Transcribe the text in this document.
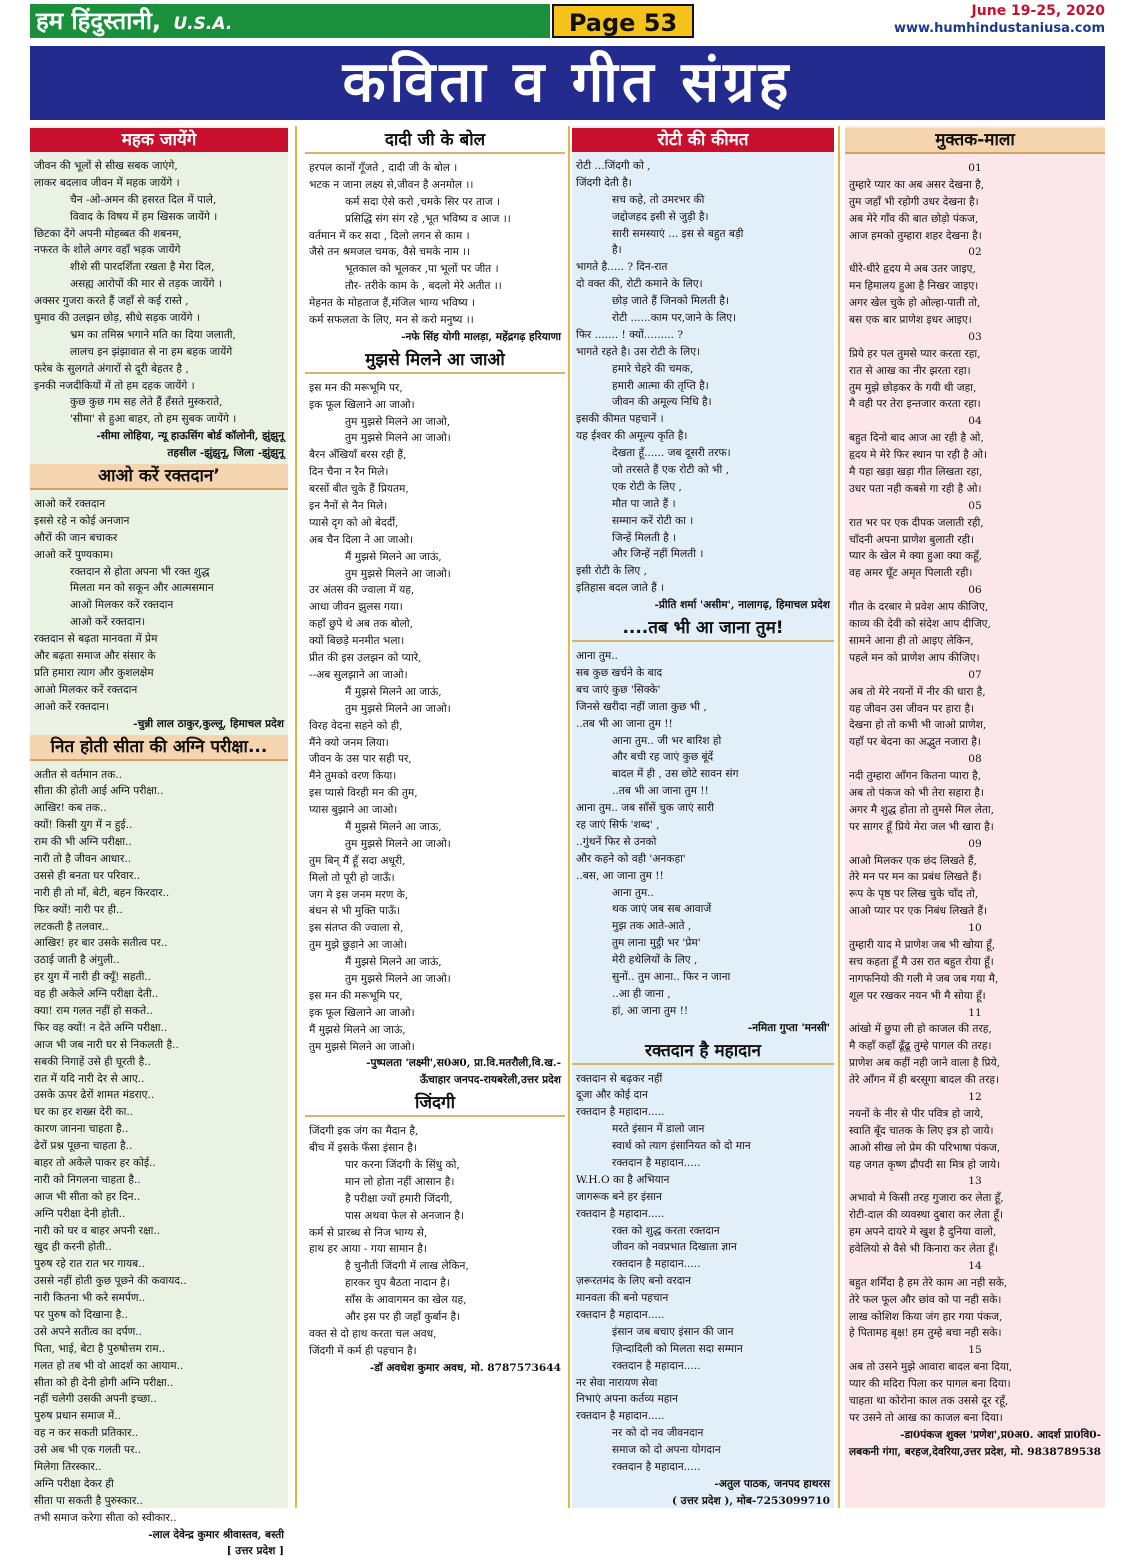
हम हिंदुस्तानी, U.S.A.	Page 53	June 19-25, 2020
www.humhindustaniusa.com
कविता व गीत संग्रह
महक जायेंगे
जीवन की भूलों से सीख सबक जाएंगे,
लाकर बदलाव जीवन में महक जायेंगे ।
चैन -ओ-अमन की हसरत दिल में पाले,
विवाद के विषय में हम खिसक जायेंगे ।
छिटका देंगे अपनी मोहब्बत की शबनम,
नफरत के शोले अगर वहाँ भड़क जायेंगे
शीशे सी पारदर्शिता रखता है मेरा दिल,
असह्य आरोपों की मार से तड़क जायेंगे ।
अक्सर गुजरा करते हैं जहाँ से कई रास्ते ,
घुमाव की उलझन छोड़, सीधे सड़क जायेंगे ।
भ्रम का तमिस्र भगाने मति का दिया जलाती,
लालच इन झंझावात से ना हम बहक जायेंगे
फरेब के सुलगते अंगारों से दूरी बेहतर है ,
इनकी नजदीकियों में तो हम दहक जायेंगे ।
कुछ कुछ गम सह लेते हैं हँसते मुस्कराते,
'सीमा' से हुआ बाहर, तो हम सुबक जायेंगे ।
-सीमा लोहिया, न्यू हाऊसिंग बोर्ड कॉलोनी, झुंझुनू
तहसील -झुंझुनू, जिला -झुंझुनू
आओ करें रक्तदान’
आओ करें रक्तदान
इससे रहे न कोई अनजान
औरों की जान बचाकर
आओ करें पुण्यकाम।
रक्तदान से होता अपना भी रक्त शुद्ध
मिलता मन को सकून और आत्मसमान
आओ मिलकर करें रक्तदान
आओ करें रक्तदान।
रक्तदान से बढ़ता मानवता में प्रेम
और बढ़ता समाज और संसार के
प्रति हमारा त्याग और कुशलक्षेम
आओ मिलकर करें रक्तदान
आओ करें रक्तदान।
-चुन्नी लाल ठाकुर,कुल्लू, हिमाचल प्रदेश
नित होती सीता की अग्नि परीक्षा...
अतीत से वर्तमान तक..
सीता की होती आई अग्नि परीक्षा..
आखिर! कब तक..
क्यों! किसी युग में न हुई..
राम की भी अग्नि परीक्षा..
नारी तो है जीवन आधार..
उससे ही बनता घर परिवार..
नारी ही तो माँ, बेटी, बहन किरदार..
फिर क्यों! नारी पर ही..
लटकती है तलवार..
आखिर! हर बार उसके सतीत्व पर..
उठाई जाती है अंगुली..
हर युग में नारी ही क्यूँ! सहती..
वह ही अकेले अग्नि परीक्षा देती..
क्या! राम गलत नहीं हो सकते..
फिर वह क्यों! न देते अग्नि परीक्षा..
आज भी जब नारी घर से निकलती है..
सबकी निगाहें उसे ही घूरती है..
रात में यदि नारी देर से आए..
उसके ऊपर ढेरों शामत मंडराए..
घर का हर शख्स देरी का..
कारण जानना चाहता है..
ढेरों प्रश्न पूछना चाहता है..
बाहर तो अकेले पाकर हर कोई..
नारी को निगलना चाहता है..
आज भी सीता को हर दिन..
अग्नि परीक्षा देनी होती..
नारी को घर व बाहर अपनी रक्षा..
खुद ही करनी होती..
पुरुष रहे रात रात भर गायब..
उससे नहीं होती कुछ पूछने की कवायद..
नारी कितना भी करे समर्पण..
पर पुरुष को दिखाना है..
उसे अपने सतीत्व का दर्पण..
पिता, भाई, बेटा है पुरुषोत्तम राम..
गलत हो तब भी वो आदर्श का आयाम..
सीता को ही देनी होगी अग्नि परीक्षा..
नहीं चलेगी उसकी अपनी इच्छा..
पुरुष प्रधान समाज में..
वह न कर सकती प्रतिकार..
उसे अब भी एक गलती पर..
मिलेगा तिरस्कार..
अग्नि परीक्षा देकर ही
सीता पा सकती है पुरुस्कार..
तभी समाज करेगा सीता को स्वीकार..
-लाल देवेन्द्र कुमार श्रीवास्तव, बस्ती
[ उत्तर प्रदेश ]
दादी जी के बोल
हरपल कानों गूँजते , दादी जी के बोल ।
भटक न जाना लक्ष्य से,जीवन है अनमोल ।।
कर्म सदा ऐसे करो ,चमके सिर पर ताज ।
प्रसिद्धि संग संग रहे ,भूत भविष्य व आज ।।
वर्तमान में कर सदा , दिलो लगन से काम ।
जैसे तन श्रमजल चमक, वैसे चमके नाम ।।
भूतकाल को भूलकर ,पा भूलों पर जीत ।
तौर- तरीके काम के , बदलो मेरे अतीत ।।
मेहनत के मोहताज हैं,मंजिल भाग्य भविष्य ।
कर्म सफलता के लिए, मन से करो मनुष्य ।।
-नफे सिंह योगी मालड़ा, महेंद्रगढ़ हरियाणा
मुझसे मिलने आ जाओ
इस मन की मरूभूमि पर,
इक फूल खिलाने आ जाओ।
तुम मुझसे मिलने आ जाओ,
तुम मुझसे मिलने आ जाओ।
बैरन अँखियाँ बरस रही हैं,
दिन चैना न रैन मिले।
बरसों बीत चुके हैं प्रियतम,
इन नैनों से नैन मिले।
प्यासे दृग को ओ बेदर्दी,
अब चैन दिला ने आ जाओ।
मैं मुझसे मिलने आ जाऊं,
तुम मुझसे मिलने आ जाओ।
उर अंतस की ज्वाला में यह,
आधा जीवन झुलस गया।
कहाँ छुपे थे अब तक बोलो,
क्यों बिछड़े मनमीत भला।
प्रीत की इस उलझन को प्यारे,
--अब सुलझाने आ जाओ।
मैं मुझसे मिलने आ जाऊं,
तुम मुझसे मिलने आ जाओ।
विरह वेदना सहने को ही,
मैंने क्यो जनम लिया।
जीवन के उस पार सही पर,
मैंने तुमको वरण किया।
इस प्यासे विरही मन की तुम,
प्यास बुझाने आ जाओ।
मैं मुझसे मिलने आ जाऊ,
तुम मुझसे मिलने आ जाओ।
तुम बिन् मैं हूँ सदा अधूरी,
मिलो तो पूरी हो जाऊँ।
जग मे इस जनम मरण के,
बंधन से भी मुक्ति पाऊँ।
इस संतप्त की ज्वाला से,
तुम मुझे छुड़ाने आ जाओ।
मैं मुझसे मिलने आ जाऊं,
तुम मुझसे मिलने आ जाओ।
इस मन की मरूभूमि पर,
इक फूल खिलाने आ जाओ।
मैं मुझसे मिलने आ जाऊं,
तुम मुझसे मिलने आ जाओ।
-पुष्पलता 'लक्ष्मी',स0अ0, प्रा.वि.मतरौली,वि.ख.-
ऊँचाहार जनपद-रायबरेली,उत्तर प्रदेश
जिंदगी
जिंदगी इक जंग का मैदान है,
बीच में इसके फँसा इंसान है।
पार करना जिंदगी के सिंधु को,
मान लो होता नहीं आसान है।
है परीक्षा ज्यों हमारी जिंदगी,
पास अथवा फेल से अनजान है।
कर्म से प्रारब्ध से निज भाग्य से,
हाथ हर आया - गया सामान है।
है चुनौती जिंदगी में लाख लेकिन,
हारकर चुप बैठता नादान है।
साँस के आवागमन का खेल यह,
और इस पर ही जहाँ कुर्बान है।
वक्त से दो हाथ करता चल अवध,
जिंदगी में कर्म ही पहचान है।
-डॉ अवधेश कुमार अवध, मो. 8787573644
रोटी की कीमत
रोटी ...जिंदगी को ,
जिंदगी देती है।
सच कहे, तो उमरभर की
जद्दोजहद इसी से जुड़ी है।
सारी समस्याएं ... इस से बहुत बड़ी
है।
भागते है..... ? दिन-रात
दो वक्त की, रोटी कमाने के लिए।
छोड़ जाते हैं जिनको मिलती है।
रोटी ......काम पर,जाने के लिए।
फिर ....... ! क्यों......... ?
भागते रहते है। उस रोटी के लिए।
हमारे चेहरे की चमक,
हमारी आत्मा की तृप्ति है।
जीवन की अमूल्य निधि है।
इसकी कीमत पहचानें ।
यह ईश्वर की अमूल्य कृति है।
देखता हूँ...... जब दूसरी तरफ।
जो तरसते हैं एक रोटी को भी ,
एक रोटी के लिए ,
मौत पा जाते हैं ।
सम्मान करें रोटी का ।
जिन्हें मिलती है ।
और जिन्हें नहीं मिलती ।
इसी रोटी के लिए ,
इतिहास बदल जाते हैं ।
-प्रीति शर्मा 'असीम', नालागढ़, हिमाचल प्रदेश
....तब भी आ जाना तुम!
आना तुम..
सब कुछ खर्चने के बाद
बच जाएं कुछ 'सिक्के'
जिनसे खरीदा नहीं जाता कुछ भी ,
..तब भी आ जाना तुम !!
आना तुम.. जी भर बारिश हो
और बची रह जाएं कुछ बूंदें
बादल में ही , उस छोटे सावन संग
..तब भी आ जाना तुम !!
आना तुम.. जब साँसें चुक जाएं सारी
रह जाएं सिर्फ 'शब्द' ,
..गुंथनें फिर से उनको
और कहने को वही 'अनकहा'
..बस, आ जाना तुम !!
आना तुम..
थक जाएं जब सब आवाजें
मुझ तक आते-आते ,
तुम लाना मुट्ठी भर 'प्रेम'
मेरी हथेलियों के लिए ,
सुनों.. तुम आना.. फिर न जाना
..आ ही जाना ,
हां, आ जाना तुम !!
-नमिता गुप्ता 'मनसी'
रक्तदान है महादान
रक्तदान से बढ़कर नहीं
दूजा और कोई दान
रक्तदान है महादान.....
मरते इंसान में डालो जान
स्वार्थ को त्याग इंसानियत को दो मान
रक्तदान है महादान.....
W.H.O का है अभियान
जागरूक बने हर इंसान
रक्तदान है महादान.....
रक्त को शुद्ध करता रक्तदान
जीवन को नवप्रभात दिखाता ज्ञान
रक्तदान है महादान.....
ज़रूरतमंद के लिए बनो वरदान
मानवता की बनो पहचान
रक्तदान है महादान.....
इंसान जब बचाए इंसान की जान
ज़िन्दादिली को मिलता सदा सम्मान
रक्तदान है महादान.....
नर सेवा नारायण सेवा
निभाएं अपना कर्तव्य महान
रक्तदान है महादान.....
नर को दो नव जीवनदान
समाज को दो अपना योगदान
रक्तदान है महादान.....
-अतुल पाठक, जनपद हाथरस
( उत्तर प्रदेश ), मोब-7253099710
मुक्तक-माला
01
तुम्हारे प्यार का अब असर देखना है,
तुम जहाँ भी रहोगी उधर देखना है।
अब मेरे गाँव की बात छोड़ो पंकज,
आज हमको तुम्हारा शहर देखना है।
02
धीरे-धीरे हृदय मे अब उतर जाइए,
मन हिमालय हुआ है निखर जाइए।
अगर खेल चुके हो ओल्हा-पाती तो,
बस एक बार प्राणेश इधर आइए।
03
प्रिये हर पल तुमसे प्यार करता रहा,
रात से आख का नीर झरता रहा।
तुम मुझे छोड़कर के गयी थी जहा,
मै वही पर तेरा इन्तजार करता रहा।
04
बहुत दिनो बाद आज आ रही है ओ,
हृदय मे मेरे फिर स्थान पा रही है ओ।
मै यहा खड़ा खड़ा गीत लिखता रहा,
उधर पता नही कबसे गा रही है ओ।
05
रात भर पर एक दीपक जलाती रही,
चाँदनी अपना प्राणेश बुलाती रही।
प्यार के खेल मे क्या हुआ क्या कहूँ,
वह अमर घूँट अमृत पिलाती रही।
06
गीत के दरबार मे प्रवेश आप कीजिए,
काव्य की देवी को संदेश आप दीजिए,
सामने आना ही तो आइए लेकिन,
पहले मन को प्राणेश आप कीजिए।
07
अब तो मेरे नयनों में नीर की धारा है,
यह जीवन उस जीवन पर हारा है।
देखना हो तो कभी भी जाओ प्राणेश,
यहाँ पर बेदना का अद्भुत नजारा है।
08
नदी तुम्हारा आँगन कितना प्यारा है,
अब तो पंकज को भी तेरा सहारा है।
अगर मै शुद्ध होता तो तुमसे मिल लेता,
पर सागर हूँ प्रिये मेरा जल भी खारा है।
09
आओ मिलकर एक छंद लिखते हैं,
तेरे मन पर मन का प्रबंध लिखते हैं।
रूप के पृष्ठ पर लिख चुके चाँद तो,
आओ प्यार पर एक निबंध लिखते हैं।
10
तुम्हारी याद मे प्राणेश जब भी खोया हूँ,
सच कहता हूँ मै उस रात बहुत रोया हूँ।
नागफनियो की गली मे जब जब गया मै,
शूल पर रखकर नयन भी मै सोया हूँ।
11
आंखो में छुपा ली हो काजल की तरह,
मै कहाँ कहाँ ढूँढू तुम्हे पागल की तरह।
प्राणेश अब कहीं नही जाने वाला है प्रिये,
तेरे आँगन में ही बरसूगा बादल की तरह।
12
नयनों के नीर से पीर पवित्र हो जाये,
स्वाति बूँद चातक के लिए इत्र हो जाये।
आओ सीख लो प्रेम की परिभाषा पंकज,
यह जगत कृष्ण द्रौपदी सा मित्र हो जाये।
13
अभावो मे किसी तरह गुजारा कर लेता हूँ,
रोटी-दाल की व्यवस्था दुबारा कर लेता हूँ।
हम अपने दायरे मे खुश है दुनिया वालो,
हवेलियो से वैसे भी किनारा कर लेता हूँ।
14
बहुत शर्मिंदा है हम तेरे काम आ नही सके,
तेरे फल फूल और छांव को पा नही सके।
लाख कोशिश किया जंग हार गया पंकज,
हे पितामह बृक्ष! हम तुम्हे बचा नही सके।
15
अब तो उसने मुझे आवारा बादल बना दिया,
प्यार की मदिरा पिला कर पागल बना दिया।
चाहता था कोरोना काल तक उससे दूर रहूँ,
पर उसने तो आख का काजल बना दिया।
-डा0पंकज शुक्ल 'प्रणेश',प्र0अ0. आदर्श प्रा0वि0-
लबकनी गंगा, बरहज,देवरिया,उत्तर प्रदेश, मो. 9838789538
